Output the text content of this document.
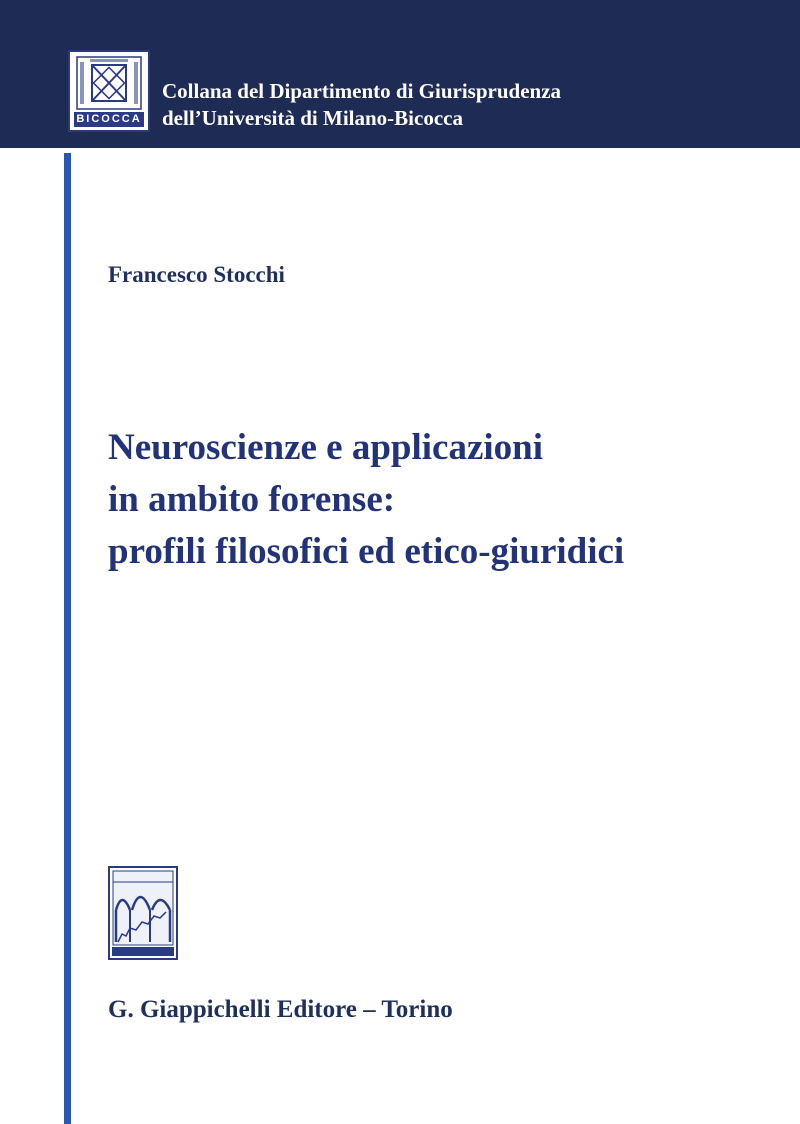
BICOCCA
Collana del Dipartimento di Giurisprudenza
dell’Università di Milano-Bicocca
Francesco Stocchi
Neuroscienze e applicazioni
in ambito forense:
profili filosofici ed etico-giuridici
G. Giappichelli Editore – Torino
